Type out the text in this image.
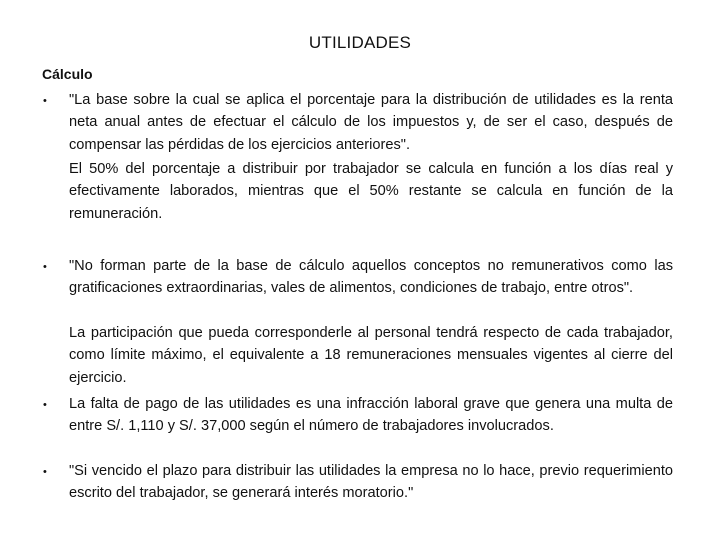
UTILIDADES
Cálculo
• "La base sobre la cual se aplica el porcentaje para la distribución de utilidades es la renta neta anual antes de efectuar el cálculo de los impuestos y, de ser el caso, después de compensar las pérdidas de los ejercicios anteriores".
El 50% del porcentaje a distribuir por trabajador se calcula en función a los días real y efectivamente laborados, mientras que el 50% restante se calcula en función de la remuneración.
• "No forman parte de la base de cálculo aquellos conceptos no remunerativos como las gratificaciones extraordinarias, vales de alimentos, condiciones de trabajo, entre otros".
La participación que pueda corresponderle al personal tendrá respecto de cada trabajador, como límite máximo, el equivalente a 18 remuneraciones mensuales vigentes al cierre del ejercicio.
• La falta de pago de las utilidades es una infracción laboral grave que genera una multa de entre S/. 1,110 y S/. 37,000 según el número de trabajadores involucrados.
• "Si vencido el plazo para distribuir las utilidades la empresa no lo hace, previo requerimiento escrito del trabajador, se generará interés moratorio."
